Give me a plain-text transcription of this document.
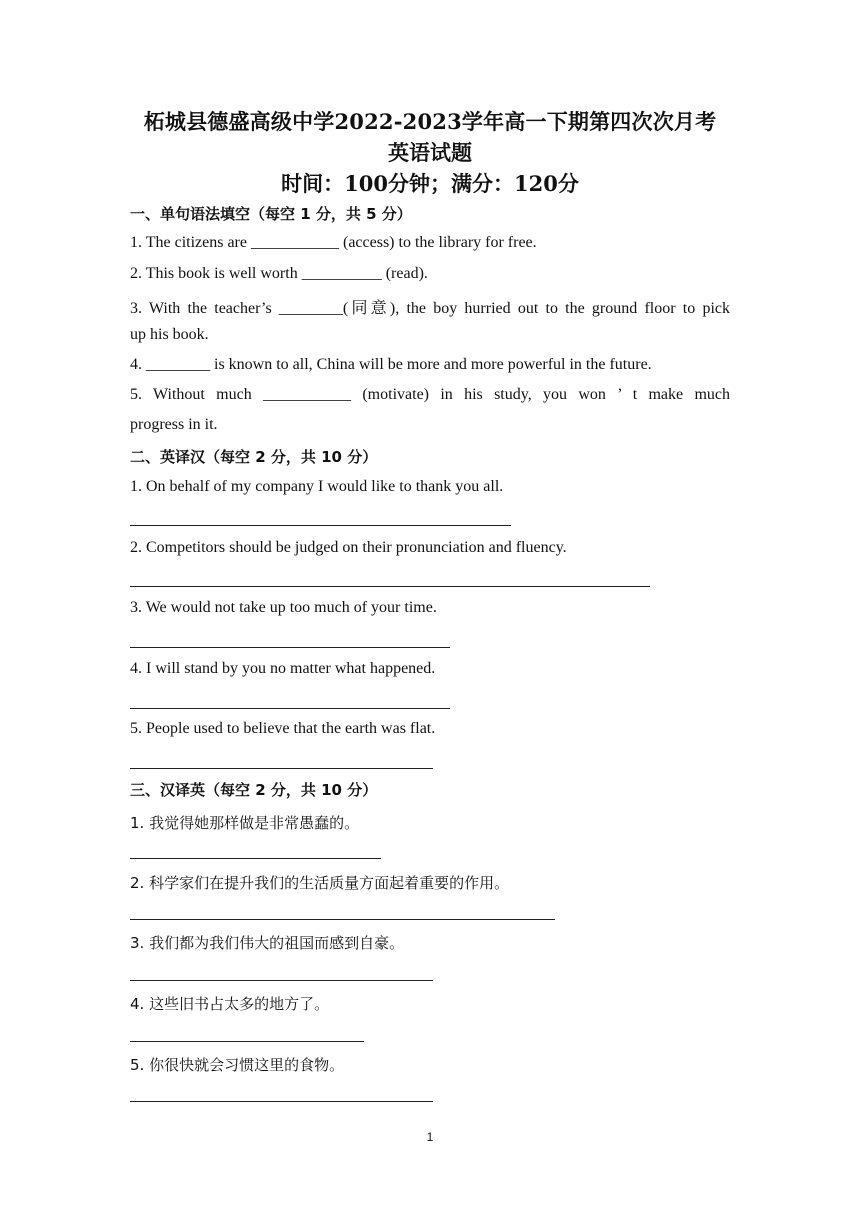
柘城县德盛高级中学2022-2023学年高一下期第四次次月考
英语试题
时间：100分钟；满分：120分
一、单句语法填空（每空 1 分，共 5 分）
1. The citizens are ___________ (access) to the library for free.
2. This book is well worth __________ (read).
3. With the teacher’s ________(同意), the boy hurried out to the ground floor to pick
up his book.
4. ________ is known to all, China will be more and more powerful in the future.
5. Without much ___________ (motivate) in his study, you won ’ t make much
progress in it.
二、英译汉（每空 2 分，共 10 分）
1. On behalf of my company I would like to thank you all.
2. Competitors should be judged on their pronunciation and fluency.
3. We would not take up too much of your time.
4. I will stand by you no matter what happened.
5. People used to believe that the earth was flat.
三、汉译英（每空 2 分，共 10 分）
1. 我觉得她那样做是非常愚蠢的。
2. 科学家们在提升我们的生活质量方面起着重要的作用。
3. 我们都为我们伟大的祖国而感到自豪。
4. 这些旧书占太多的地方了。
5. 你很快就会习惯这里的食物。
1
